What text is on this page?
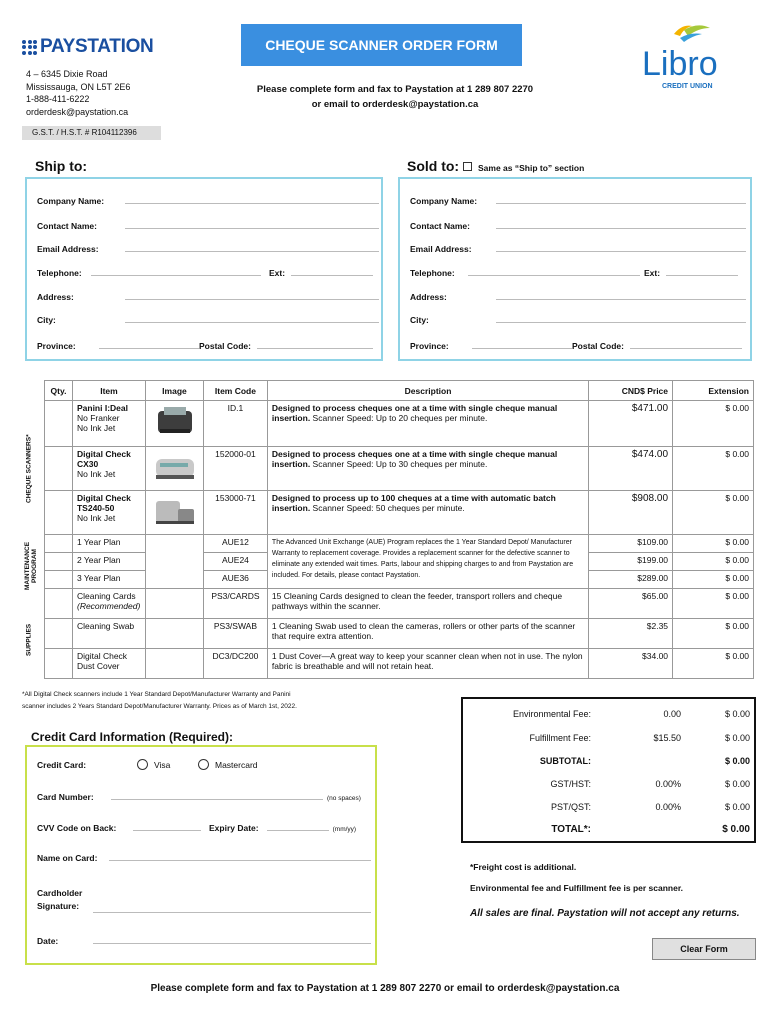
PAYSTATION
4 – 6345 Dixie Road
Mississauga, ON L5T 2E6
1-888-411-6222
orderdesk@paystation.ca
CHEQUE SCANNER ORDER FORM
Please complete form and fax to Paystation at 1 289 807 2270
or email to orderdesk@paystation.ca
Libro
CREDIT UNION
G.S.T. / H.S.T. # R104112396
Ship to:
Company Name:
Contact Name:
Email Address:
Telephone:	Ext:
Address:
City:
Province:	Postal Code:
Sold to: Same as “Ship to” section
Company Name:
Contact Name:
Email Address:
Telephone:	Ext:
Address:
City:
Province:	Postal Code:
CHEQUE SCANNERS*
MAINTENANCE PROGRAM
SUPPLIES
Qty.	Item	Image	Item Code	Description	CND$ Price	Extension
	Panini I:Deal
No Franker
No Ink Jet		ID.1	Designed to process cheques one at a time with single cheque manual insertion. Scanner Speed: Up to 20 cheques per minute.	$471.00	$ 0.00
	Digital Check
CX30
No Ink Jet		152000-01	Designed to process cheques one at a time with single cheque manual insertion. Scanner Speed: Up to 30 cheques per minute.	$474.00	$ 0.00
	Digital Check
TS240-50
No Ink Jet		153000-71	Designed to process up to 100 cheques at a time with automatic batch insertion. Scanner Speed: 50 cheques per minute.	$908.00	$ 0.00
	1 Year Plan		AUE12	The Advanced Unit Exchange (AUE) Program replaces the 1 Year Standard Depot/ Manufacturer Warranty to replacement coverage. Provides a replacement scanner for the defective scanner to eliminate any extended wait times. Parts, labour and shipping charges to and from Paystation are included. For details, please contact Paystation.	$109.00	$ 0.00
	2 Year Plan		AUE24		$199.00	$ 0.00
	3 Year Plan		AUE36		$289.00	$ 0.00
	Cleaning Cards
(Recommended)		PS3/CARDS	15 Cleaning Cards designed to clean the feeder, transport rollers and cheque pathways within the scanner.	$65.00	$ 0.00
	Cleaning Swab		PS3/SWAB	1 Cleaning Swab used to clean the cameras, rollers or other parts of the scanner that require extra attention.	$2.35	$ 0.00
	Digital Check
Dust Cover		DC3/DC200	1 Dust Cover—A great way to keep your scanner clean when not in use. The nylon fabric is breathable and will not retain heat.	$34.00	$ 0.00
*All Digital Check scanners include 1 Year Standard Depot/Manufacturer Warranty and Panini
scanner includes 2 Years Standard Depot/Manufacturer Warranty. Prices as of March 1st, 2022.
Credit Card Information (Required):
Credit Card:	Visa	Mastercard
Card Number:	(no spaces)
CVV Code on Back:	Expiry Date:	(mm/yy)
Name on Card:
Cardholder
Signature:
Date:
Environmental Fee:	0.00	$ 0.00
Fulfillment Fee:	$15.50	$ 0.00
SUBTOTAL:	$ 0.00
GST/HST:	0.00%	$ 0.00
PST/QST:	0.00%	$ 0.00
TOTAL*:	$ 0.00
*Freight cost is additional.
Environmental fee and Fulfillment fee is per scanner.
All sales are final. Paystation will not accept any returns.
Clear Form
Please complete form and fax to Paystation at 1 289 807 2270 or email to orderdesk@paystation.ca
